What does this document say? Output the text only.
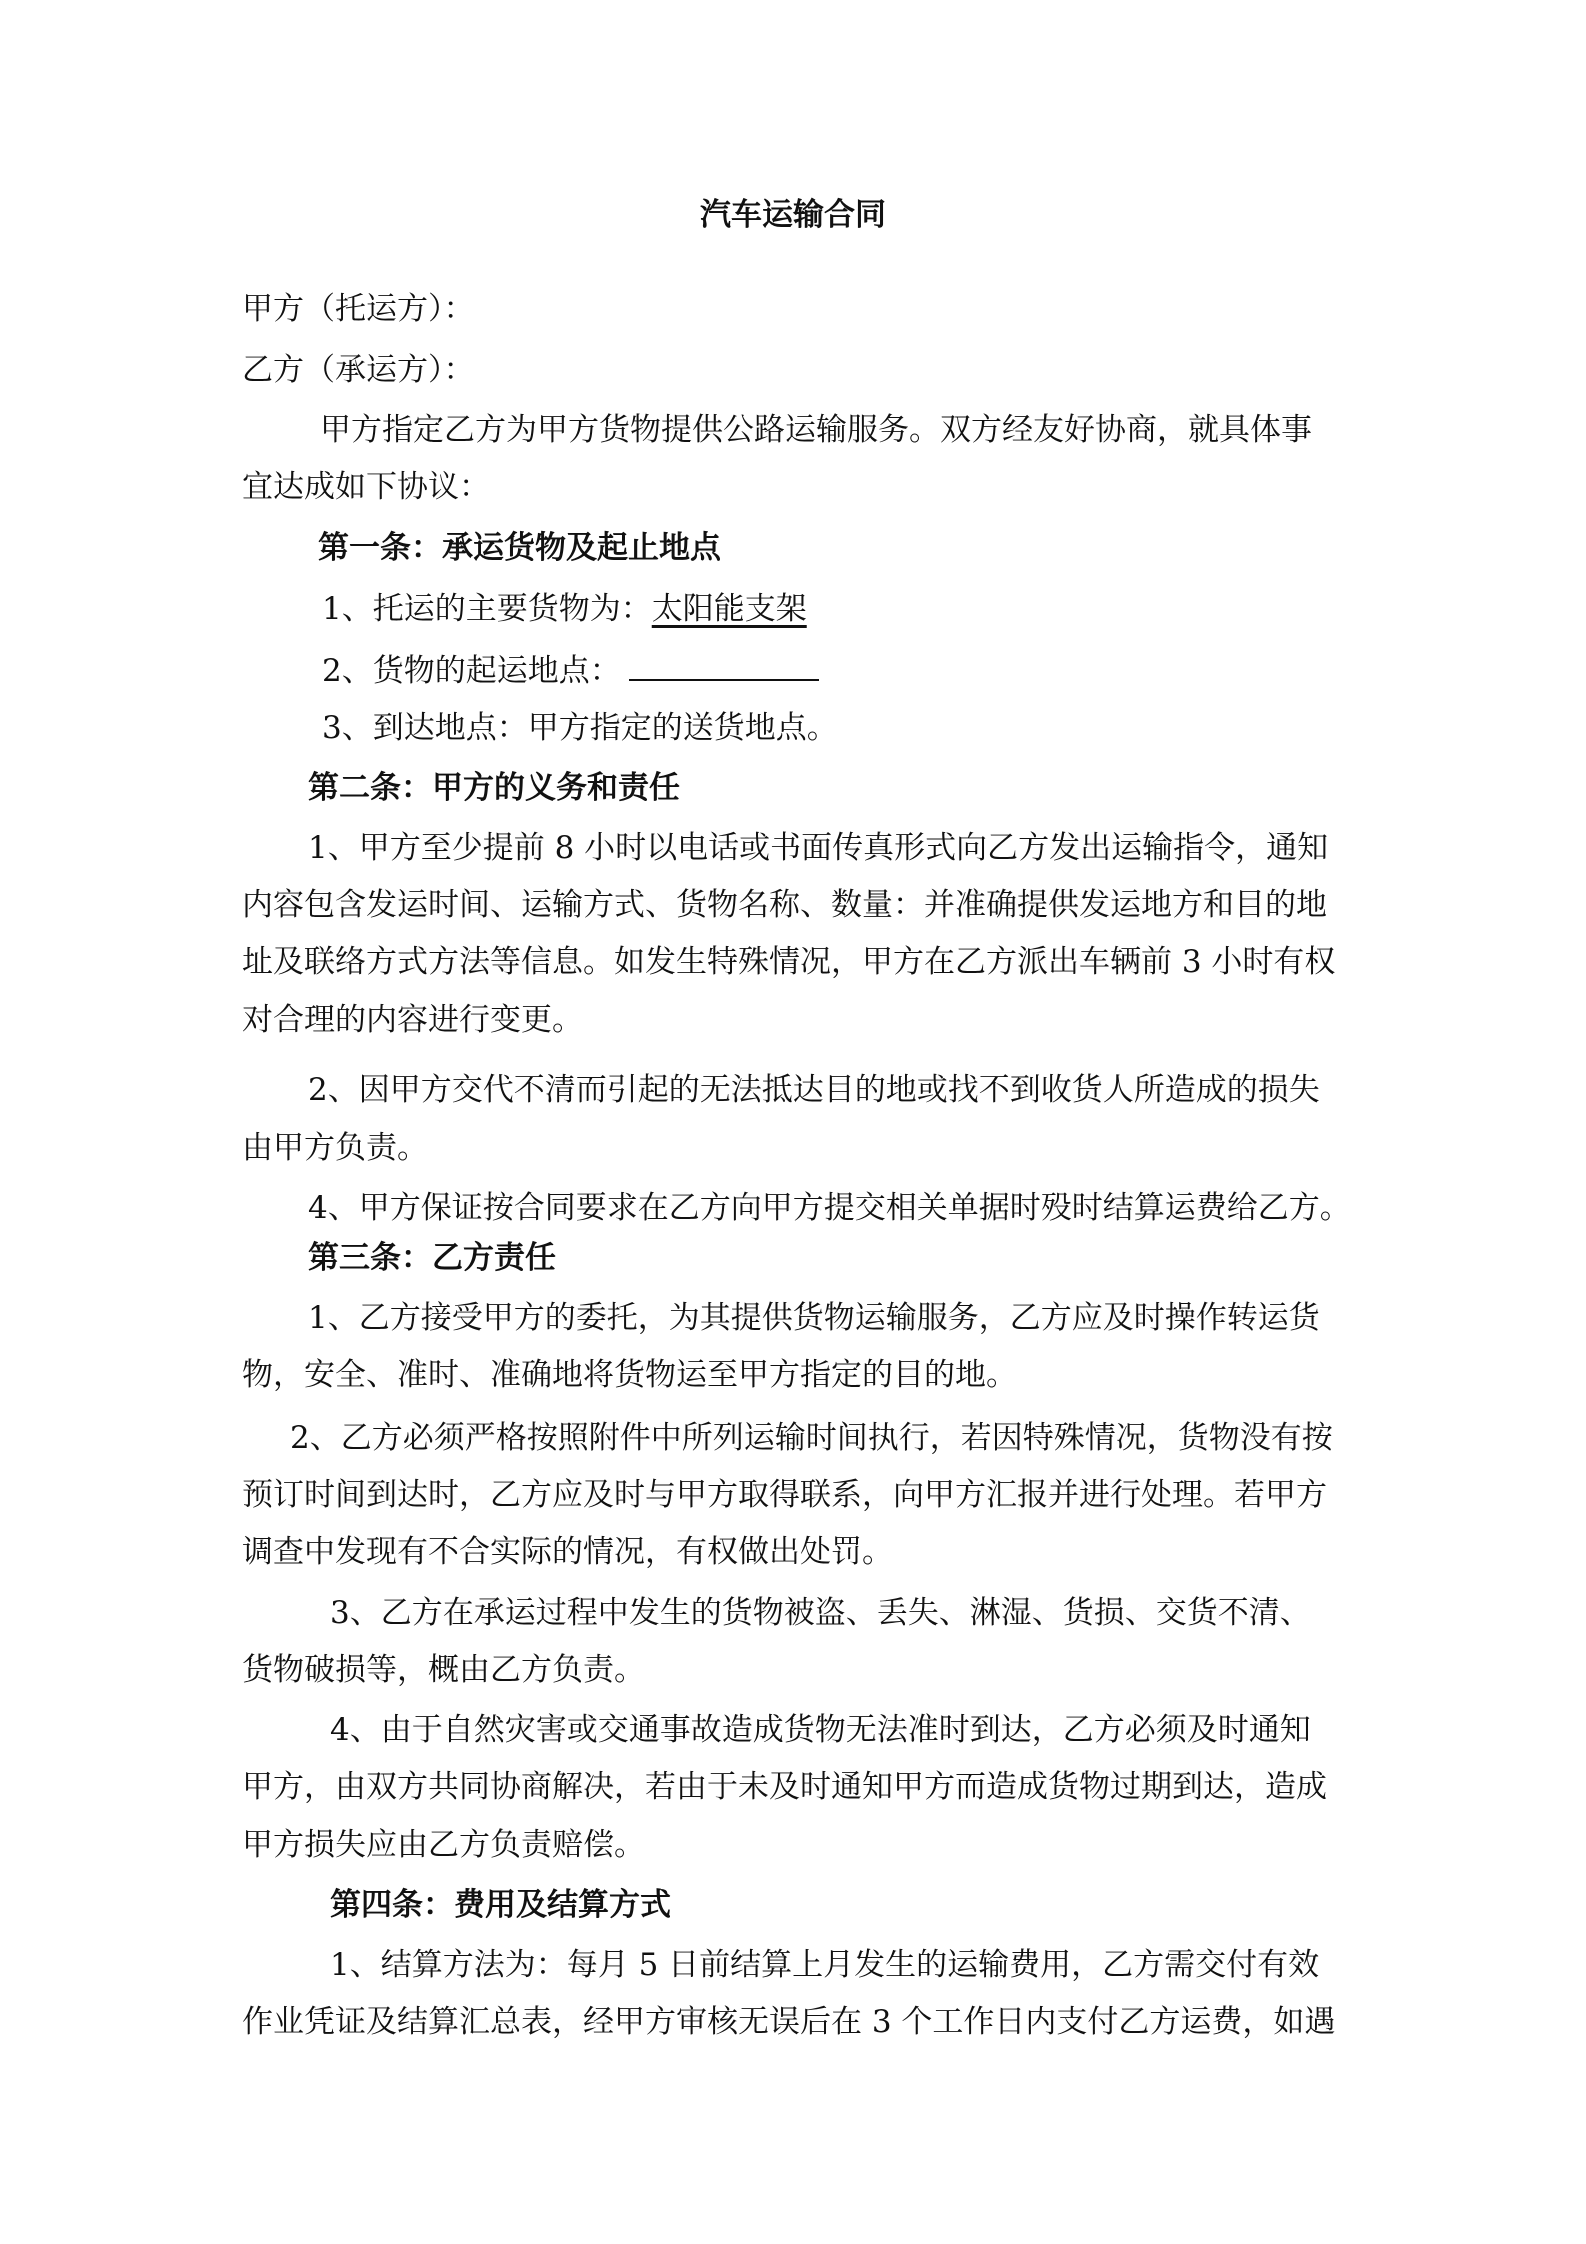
汽车运输合同
甲方（托运方）：
乙方（承运方）：
甲方指定乙方为甲方货物提供公路运输服务。双方经友好协商，就具体事
宜达成如下协议：
第一条：承运货物及起止地点
1、托运的主要货物为：太阳能支架
2、货物的起运地点：
3、到达地点：甲方指定的送货地点。
第二条：甲方的义务和责任
1、甲方至少提前 8 小时以电话或书面传真形式向乙方发出运输指令，通知
内容包含发运时间、运输方式、货物名称、数量：并准确提供发运地方和目的地
址及联络方式方法等信息。如发生特殊情况，甲方在乙方派出车辆前 3 小时有权
对合理的内容进行变更。
2、因甲方交代不清而引起的无法抵达目的地或找不到收货人所造成的损失
由甲方负责。
4、甲方保证按合同要求在乙方向甲方提交相关单据时殁时结算运费给乙方。
第三条：乙方责任
1、乙方接受甲方的委托，为其提供货物运输服务，乙方应及时操作转运货
物，安全、准时、准确地将货物运至甲方指定的目的地。
2、乙方必须严格按照附件中所列运输时间执行，若因特殊情况，货物没有按
预订时间到达时，乙方应及时与甲方取得联系，向甲方汇报并进行处理。若甲方
调查中发现有不合实际的情况，有权做出处罚。
3、乙方在承运过程中发生的货物被盗、丢失、淋湿、货损、交货不清、
货物破损等，概由乙方负责。
4、由于自然灾害或交通事故造成货物无法准时到达，乙方必须及时通知
甲方，由双方共同协商解决，若由于未及时通知甲方而造成货物过期到达，造成
甲方损失应由乙方负责赔偿。
第四条：费用及结算方式
1、结算方法为：每月 5 日前结算上月发生的运输费用，乙方需交付有效
作业凭证及结算汇总表，经甲方审核无误后在 3 个工作日内支付乙方运费，如遇
